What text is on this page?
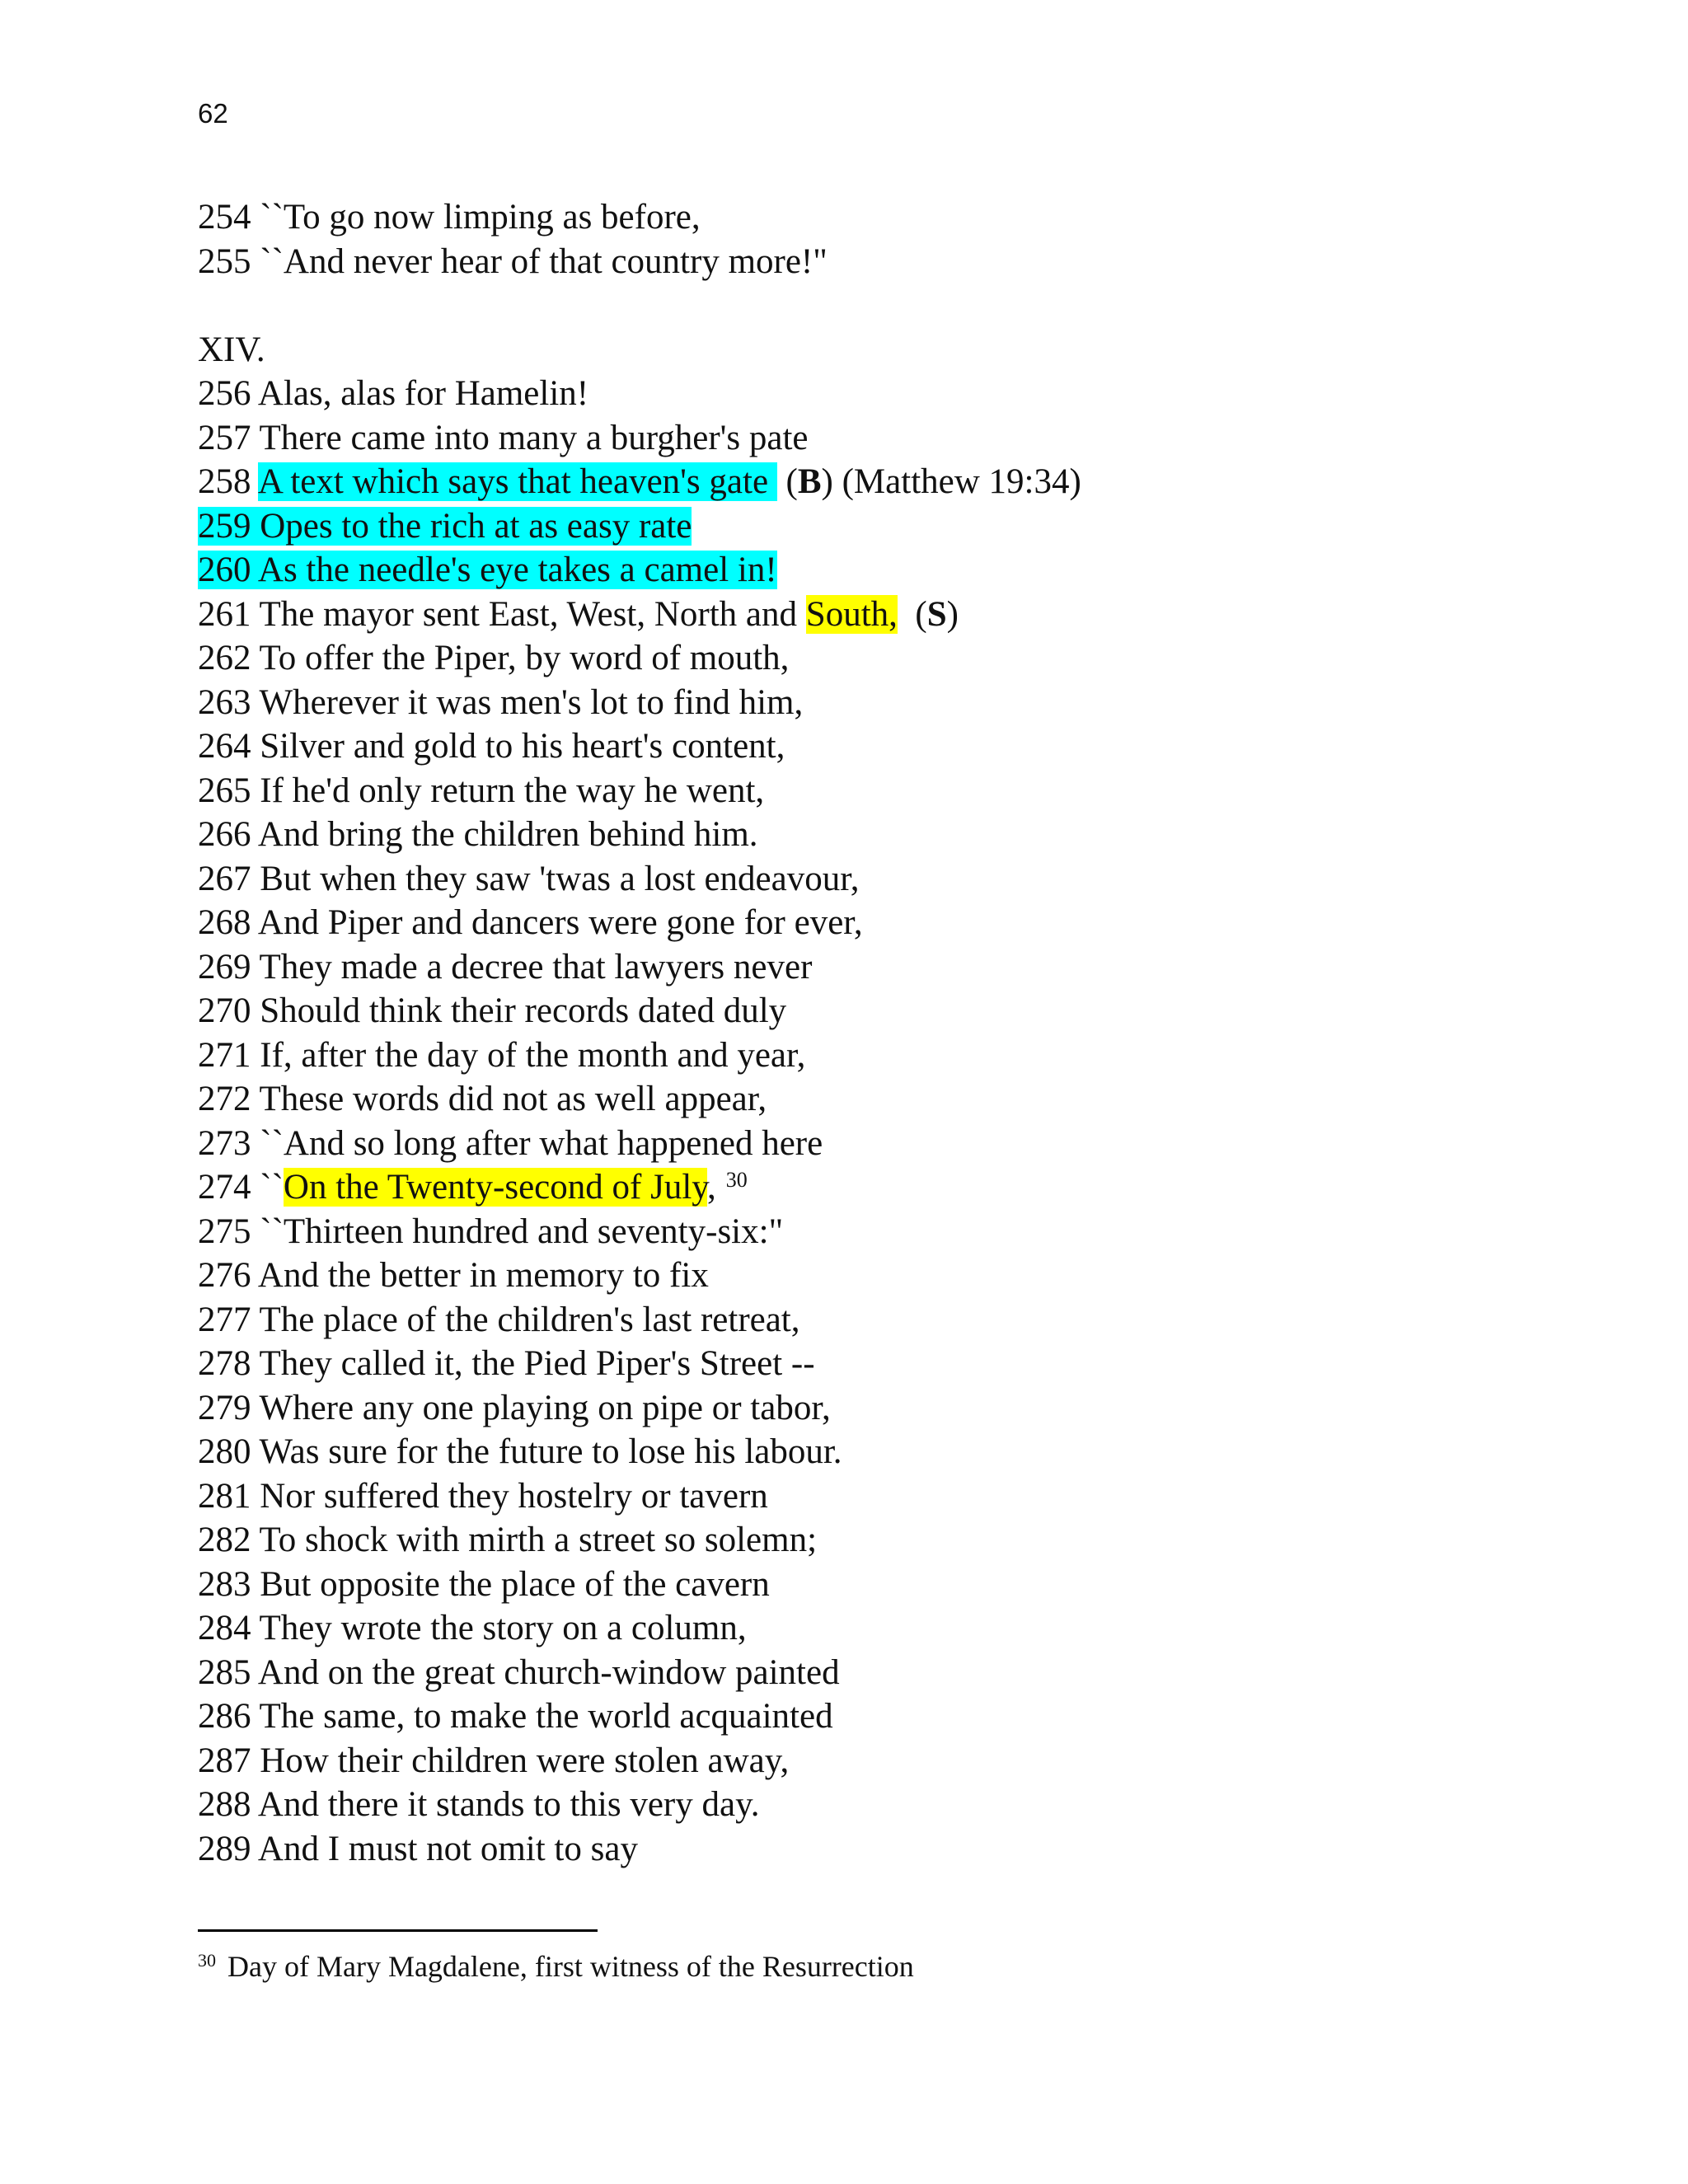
62
254 ``To go now limping as before,
255 ``And never hear of that country more!"
XIV.
256 Alas, alas for Hamelin!
257 There came into many a burgher's pate
258 A text which says that heaven's gate  (B) (Matthew 19:34)
259 Opes to the rich at as easy rate
260 As the needle's eye takes a camel in!
261 The mayor sent East, West, North and South,  (S)
262 To offer the Piper, by word of mouth,
263 Wherever it was men's lot to find him,
264 Silver and gold to his heart's content,
265 If he'd only return the way he went,
266 And bring the children behind him.
267 But when they saw 'twas a lost endeavour,
268 And Piper and dancers were gone for ever,
269 They made a decree that lawyers never
270 Should think their records dated duly
271 If, after the day of the month and year,
272 These words did not as well appear,
273 ``And so long after what happened here
274 ``On the Twenty-second of July, $^{30}$
275 ``Thirteen hundred and seventy-six:"
276 And the better in memory to fix
277 The place of the children's last retreat,
278 They called it, the Pied Piper's Street --
279 Where any one playing on pipe or tabor,
280 Was sure for the future to lose his labour.
281 Nor suffered they hostelry or tavern
282 To shock with mirth a street so solemn;
283 But opposite the place of the cavern
284 They wrote the story on a column,
285 And on the great church-window painted
286 The same, to make the world acquainted
287 How their children were stolen away,
288 And there it stands to this very day.
289 And I must not omit to say
$^{30}$ Day of Mary Magdalene, first witness of the Resurrection
